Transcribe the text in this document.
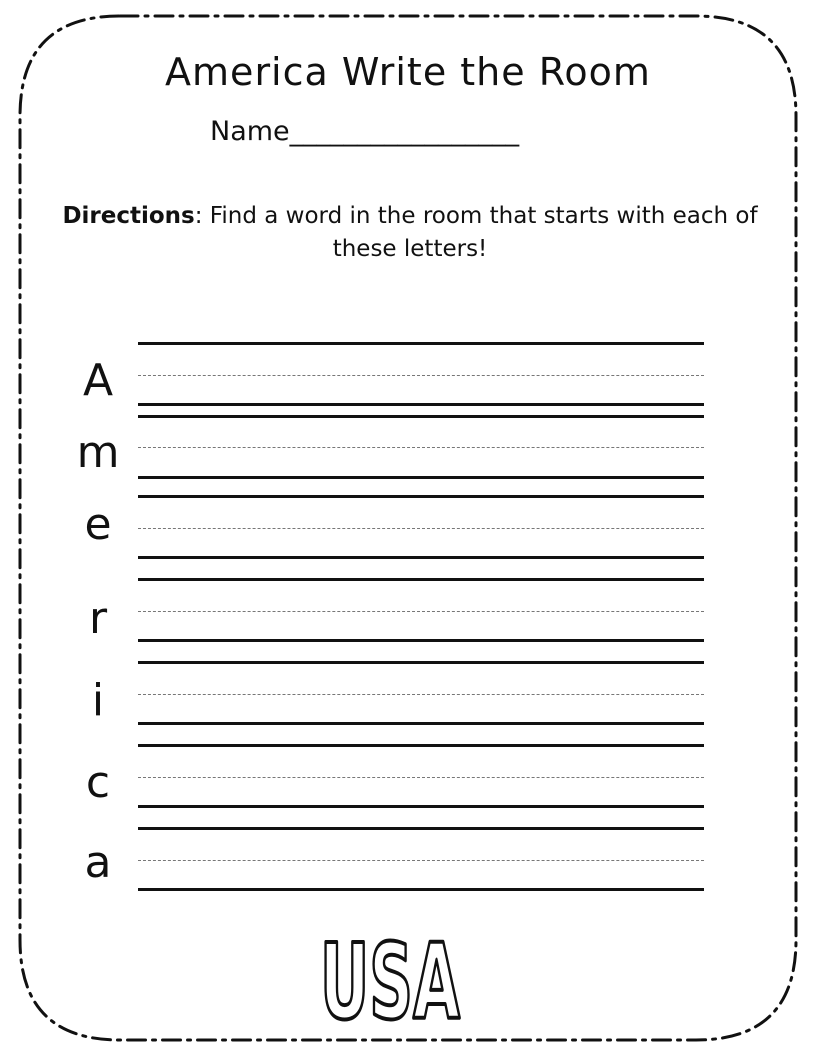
America Write the Room
Name_________________
Directions: Find a word in the room that starts with each of these letters!
A
m
e
r
i
c
a
USA
